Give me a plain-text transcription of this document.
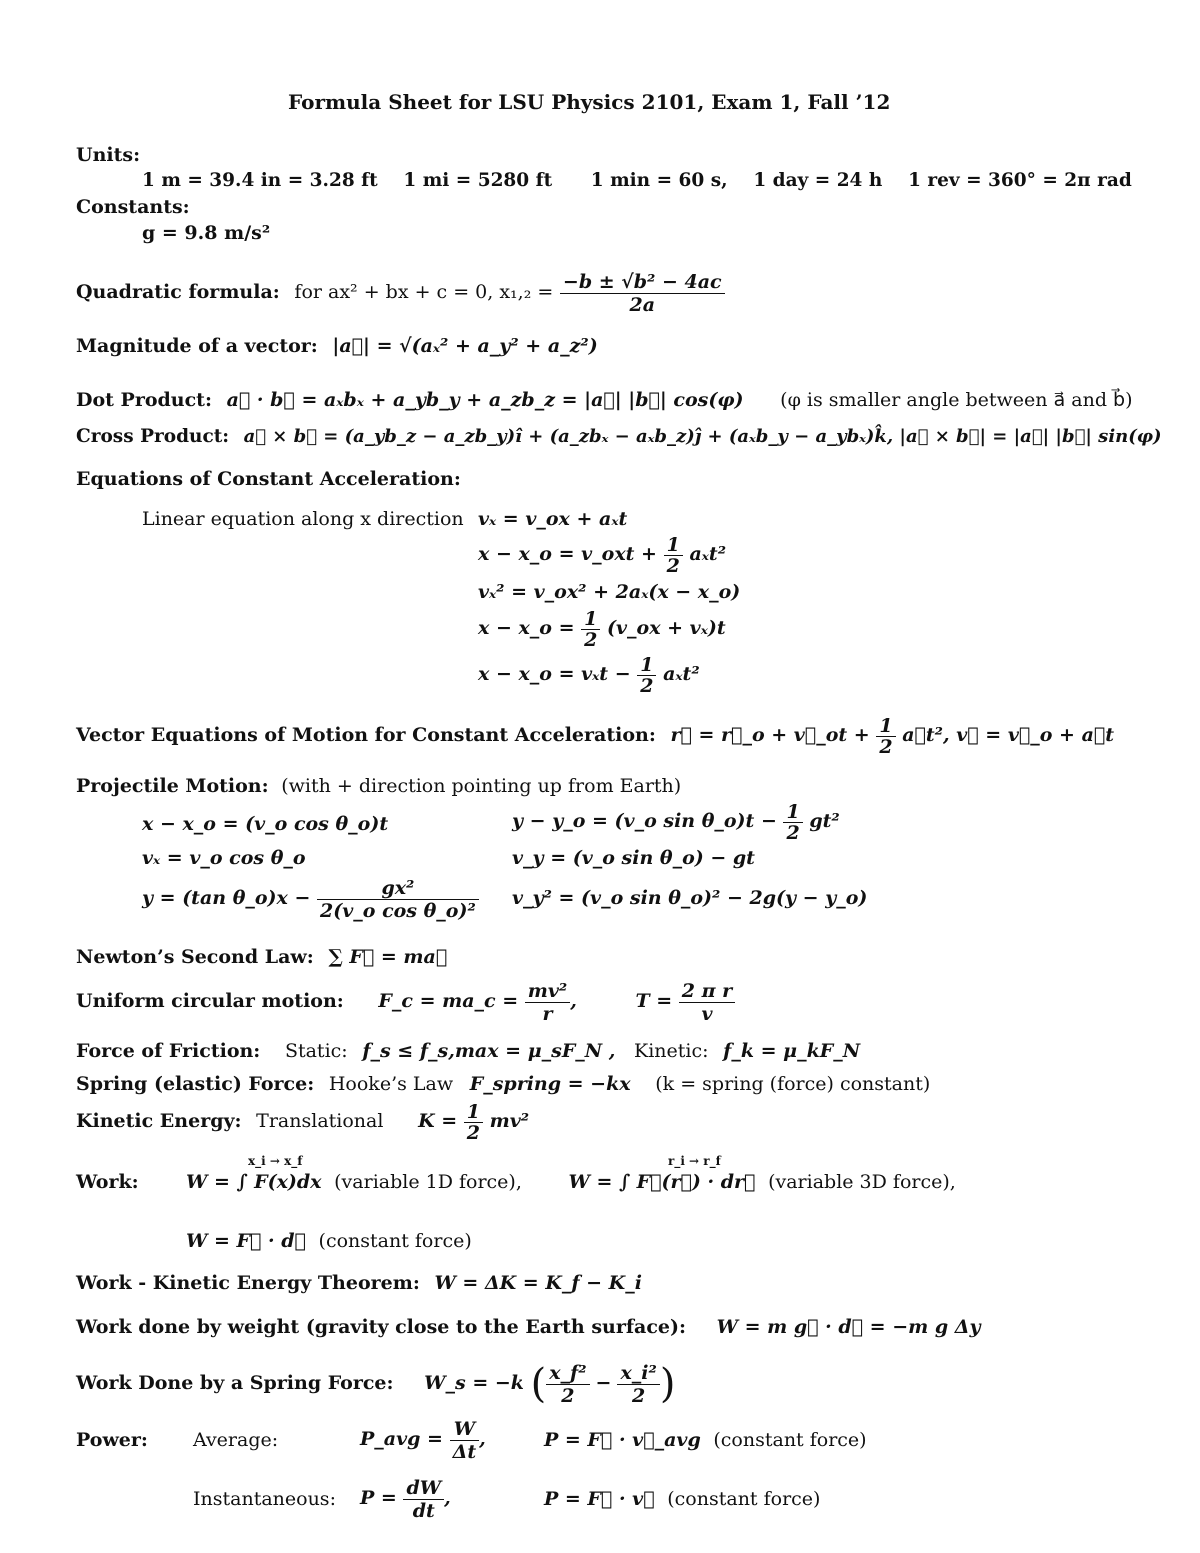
Formula Sheet for LSU Physics 2101, Exam 1, Fall ’12
Units:
1 m = 39.4 in = 3.28 ft    1 mi = 5280 ft      1 min = 60 s,    1 day = 24 h    1 rev = 360° = 2π rad
Constants:
g = 9.8 m/s²
Quadratic formula: for ax² + bx + c = 0, $x_1,_2 = \frac{\text{−b ± √b² − 4ac}}{2a}$
Magnitude of a vector: |a⃗| = √(aₓ² + a_y² + a_z²)
Dot Product: a⃗ · b⃗ = aₓbₓ + a_yb_y + a_zb_z = |a⃗| |b⃗| cos(φ) (φ is smaller angle between a⃗ and b⃗)
Cross Product: a⃗ × b⃗ = (a_yb_z − a_zb_y)î + (a_zbₓ − aₓb_z)ĵ + (aₓb_y − a_ybₓ)k̂, |a⃗ × b⃗| = |a⃗| |b⃗| sin(φ)
Equations of Constant Acceleration:
Linear equation along x direction vₓ = v_ox + aₓt
x − x_o = v_oxt + $\frac{1}{2} a_xt^2$
vₓ² = v_ox² + 2aₓ(x − x_o)
x − x_o = $\frac{1}{2}$ (v_ox + vₓ)t
x − x_o = $v_xt - \frac{1}{2} a_xt^2$
Vector Equations of Motion for Constant Acceleration: r⃗ = r⃗_o + v⃗_ot + $\frac{1}{2}$ a⃗t², v⃗ = v⃗_o + a⃗t
Projectile Motion: (with + direction pointing up from Earth)
x − x_o = (v_o cos θ_o)t	y − y_o = (v_o sin θ_o)t − $\frac{1}{2} gt^2$
vₓ = v_o cos θ_o	v_y = (v_o sin θ_o) − gt
y = (tan θ_o)x − $\frac{\text{gx²}}{\text{2(v\_o cos θ\_o)²}}$ v_y² = (v_o sin θ_o)² − 2g(y − y_o)
Newton’s Second Law: ∑ F⃗ = ma⃗
Uniform circular motion: F_c = ma_c = $\frac{\text{mv²}}{r}$ ,	$T = \frac{\text{2 π r}}{v}$
Force of Friction: Static: f_s ≤ f_s,max = μ_sF_N , Kinetic: f_k = μ_kF_N
Spring (elastic) Force: Hooke’s Law F_spring = −kx (k = spring (force) constant)
Kinetic Energy: Translational $K = \frac{1}{2} mv^2$
Work: W = ∫ F(x)dx (variable 1D force), W = ∫ F⃗(r⃗) · dr⃗ (variable 3D force),
x_i → x_f	r_i → r_f
W = F⃗ · d⃗ (constant force)
Work - Kinetic Energy Theorem: W = ΔK = K_f − K_i
Work done by weight (gravity close to the Earth surface): W = m g⃗ · d⃗ = −m g Δy
Work Done by a Spring Force: W_s = −k ( $\frac{\text{x\_f²}}{2} - \frac{\text{x\_i²}}{2}$ )
Power: Average:	P_avg = $\frac{W}{\Delta t}$ ,	P = F⃗ · v⃗_avg (constant force)
Instantaneous: $P = \frac{dW}{dt}$ ,	P = F⃗ · v⃗ (constant force)
